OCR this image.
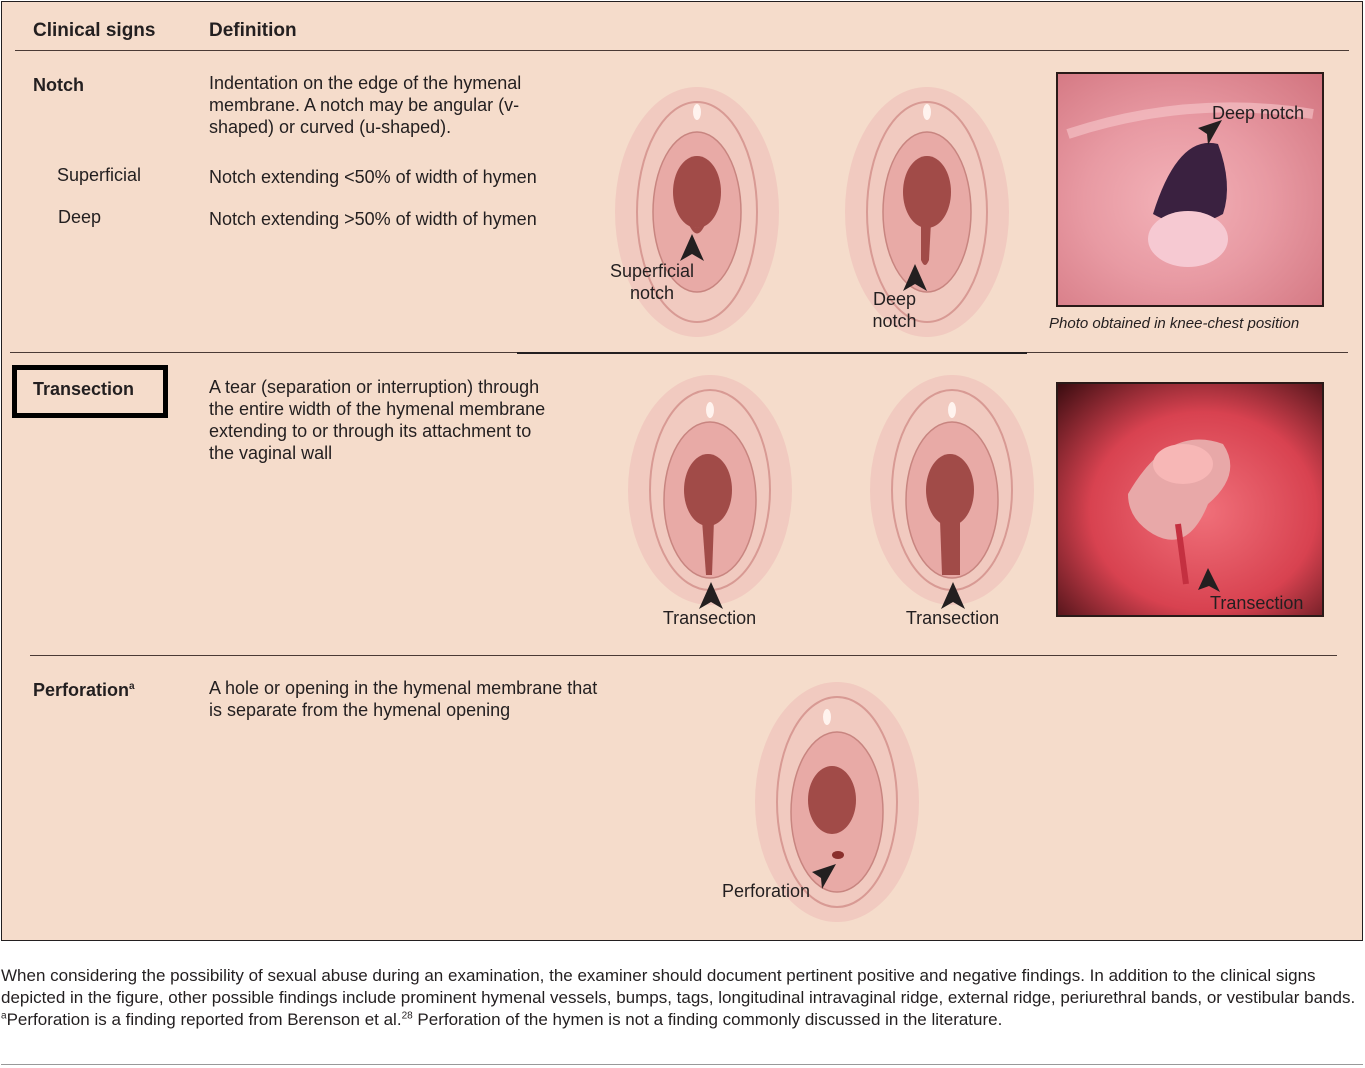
Clinical signs	Definition
Notch	Indentation on the edge of the hymenal membrane. A notch may be angular (v-shaped) or curved (u-shaped).
Superficial	Notch extending <50% of width of hymen
Deep	Notch extending >50% of width of hymen
Superficial notch	Deep notch
Deep notch
Photo obtained in knee-chest position
Transection	A tear (separation or interruption) through the entire width of the hymenal membrane extending to or through its attachment to the vaginal wall
Transection	Transection
Transection
Perforation$^a$	A hole or opening in the hymenal membrane that is separate from the hymenal opening
Perforation

When considering the possibility of sexual abuse during an examination, the examiner should document pertinent positive and negative findings. In addition to the clinical signs depicted in the figure, other possible findings include prominent hymenal vessels, bumps, tags, longitudinal intravaginal ridge, external ridge, periurethral bands, or vestibular bands.

$^a$Perforation is a finding reported from Berenson et al.$^{28}$ Perforation of the hymen is not a finding commonly discussed in the literature.
